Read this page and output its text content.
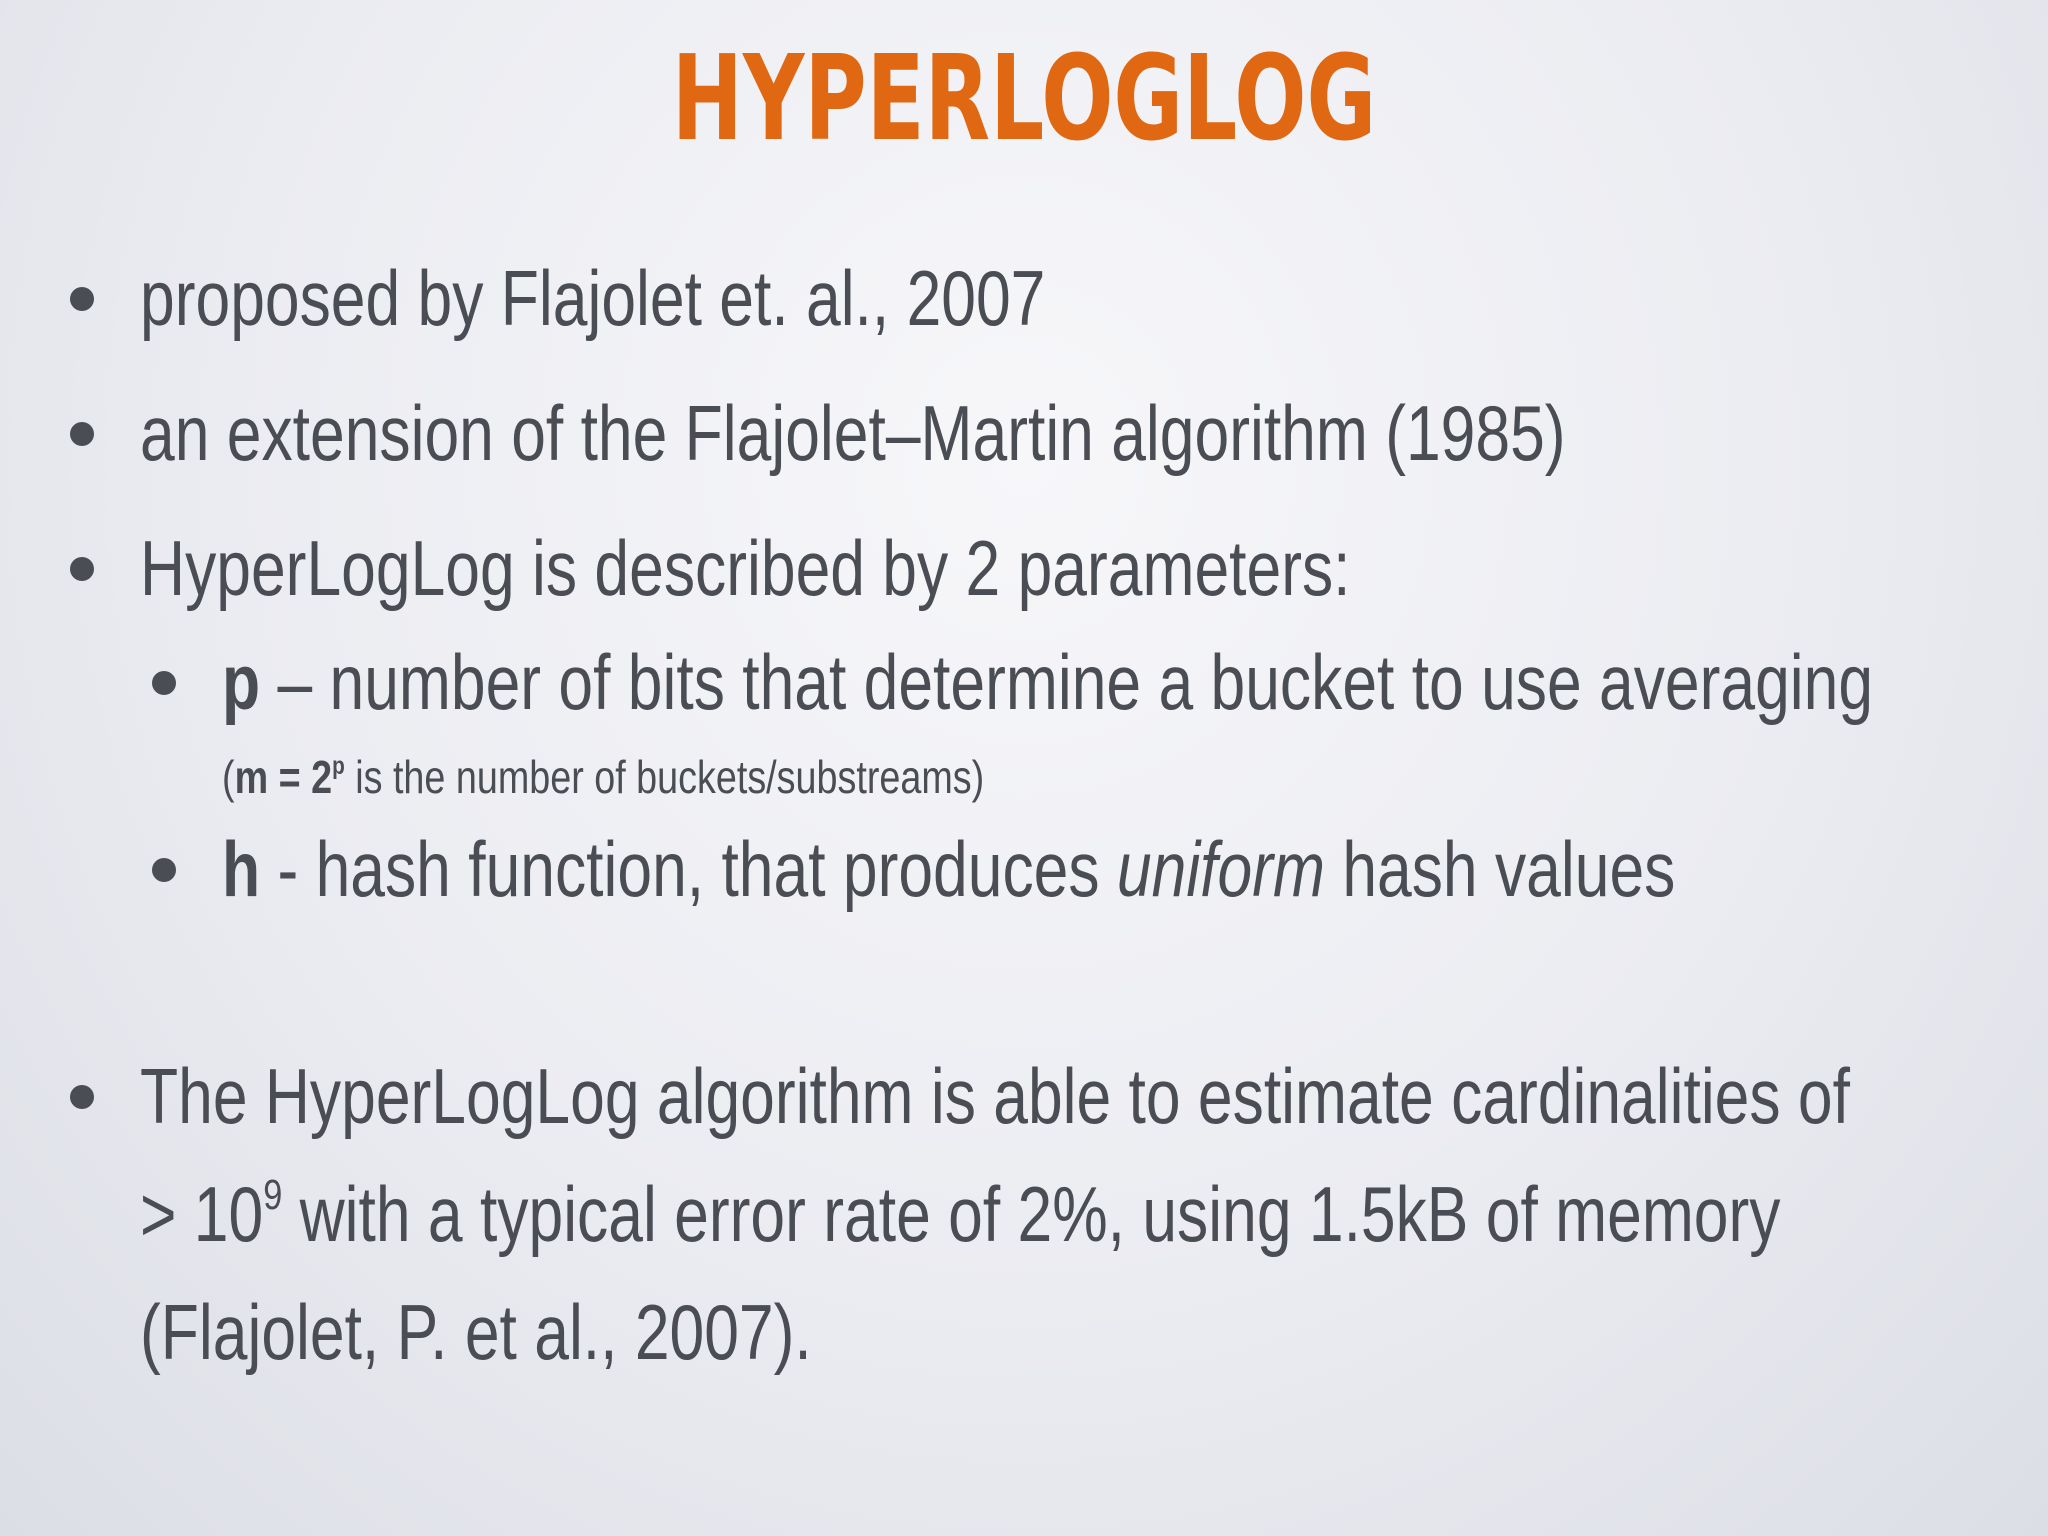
HYPERLOGLOG
proposed by Flajolet et. al., 2007
an extension of the Flajolet–Martin algorithm (1985)
HyperLogLog is described by 2 parameters:
p – number of bits that determine a bucket to use averaging
($m = 2^p$ is the number of buckets/substreams)
h - hash function, that produces uniform hash values
The HyperLogLog algorithm is able to estimate cardinalities of
> $10^9$ with a typical error rate of 2%, using 1.5kB of memory
(Flajolet, P. et al., 2007).
